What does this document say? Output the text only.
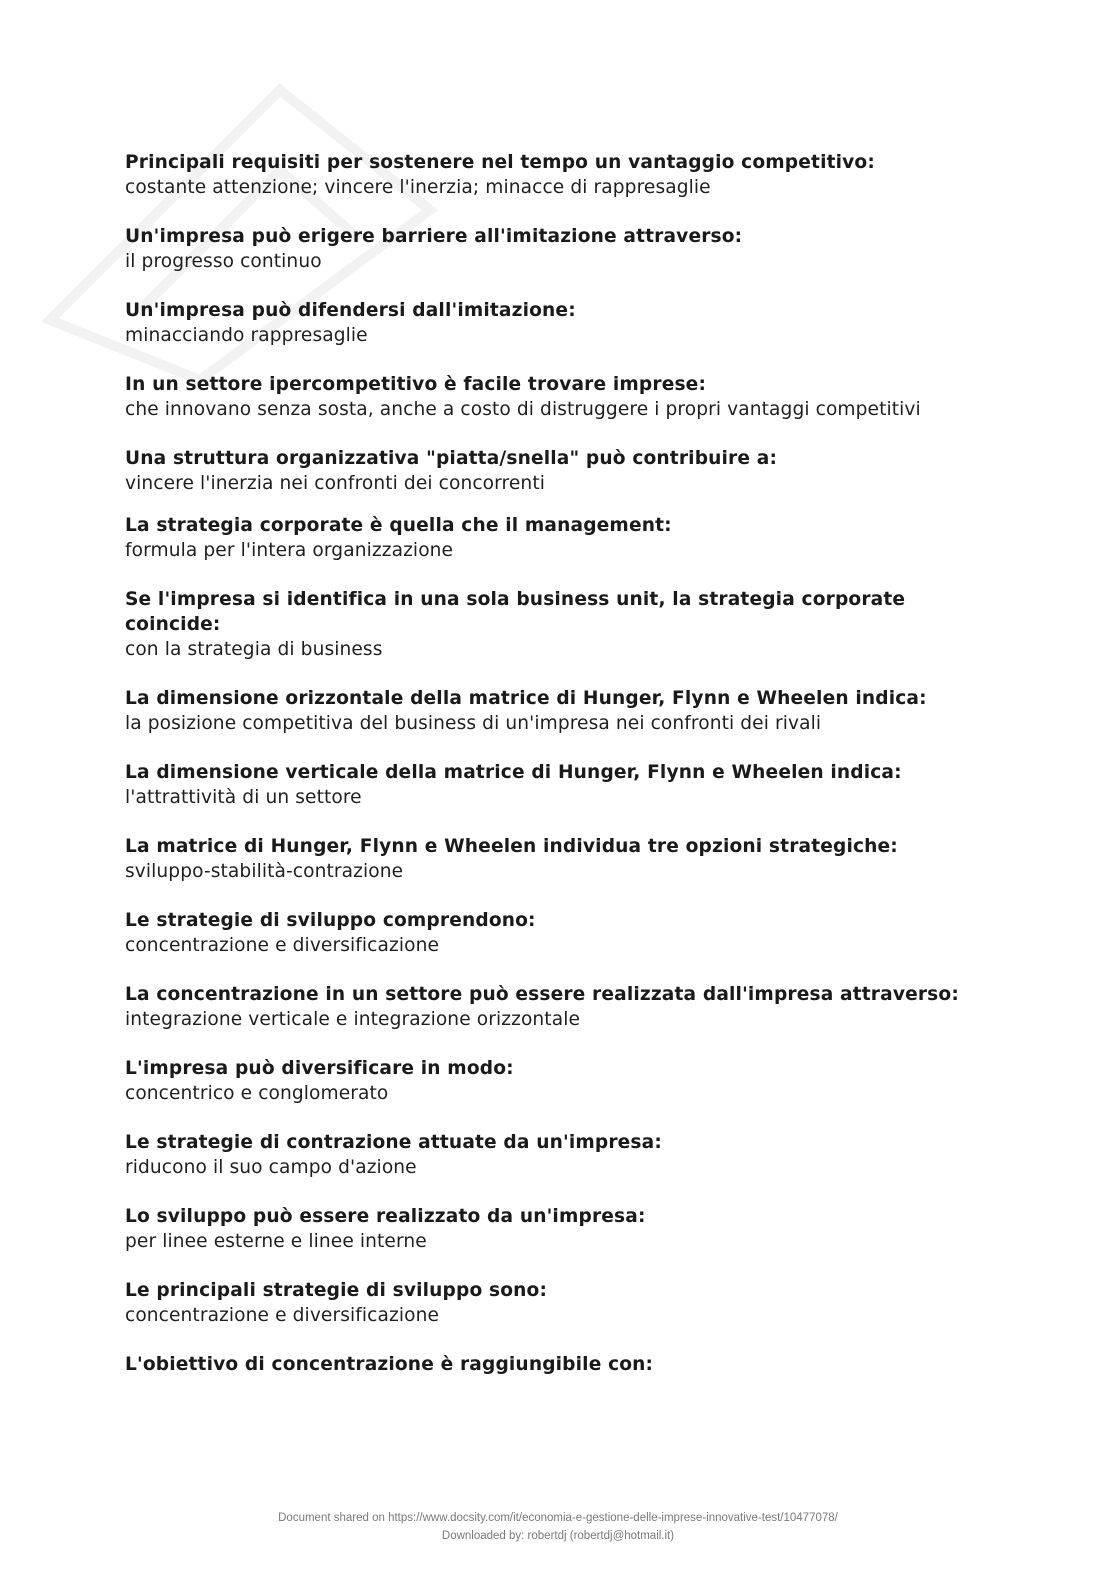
Principali requisiti per sostenere nel tempo un vantaggio competitivo:

costante attenzione; vincere l'inerzia; minacce di rappresaglie

Un'impresa può erigere barriere all'imitazione attraverso:

il progresso continuo

Un'impresa può difendersi dall'imitazione:

minacciando rappresaglie

In un settore ipercompetitivo è facile trovare imprese:

che innovano senza sosta, anche a costo di distruggere i propri vantaggi competitivi

Una struttura organizzativa "piatta/snella" può contribuire a:

vincere l'inerzia nei confronti dei concorrenti

La strategia corporate è quella che il management:

formula per l'intera organizzazione

Se l'impresa si identifica in una sola business unit, la strategia corporate coincide:

con la strategia di business

La dimensione orizzontale della matrice di Hunger, Flynn e Wheelen indica:

la posizione competitiva del business di un'impresa nei confronti dei rivali

La dimensione verticale della matrice di Hunger, Flynn e Wheelen indica:

l'attrattività di un settore

La matrice di Hunger, Flynn e Wheelen individua tre opzioni strategiche:

sviluppo-stabilità-contrazione

Le strategie di sviluppo comprendono:

concentrazione e diversificazione

La concentrazione in un settore può essere realizzata dall'impresa attraverso:

integrazione verticale e integrazione orizzontale

L'impresa può diversificare in modo:

concentrico e conglomerato

Le strategie di contrazione attuate da un'impresa:

riducono il suo campo d'azione

Lo sviluppo può essere realizzato da un'impresa:

per linee esterne e linee interne

Le principali strategie di sviluppo sono:

concentrazione e diversificazione

L'obiettivo di concentrazione è raggiungibile con:

Document shared on https://www.docsity.com/it/economia-e-gestione-delle-imprese-innovative-test/10477078/
Downloaded by: robertdj (robertdj@hotmail.it)
